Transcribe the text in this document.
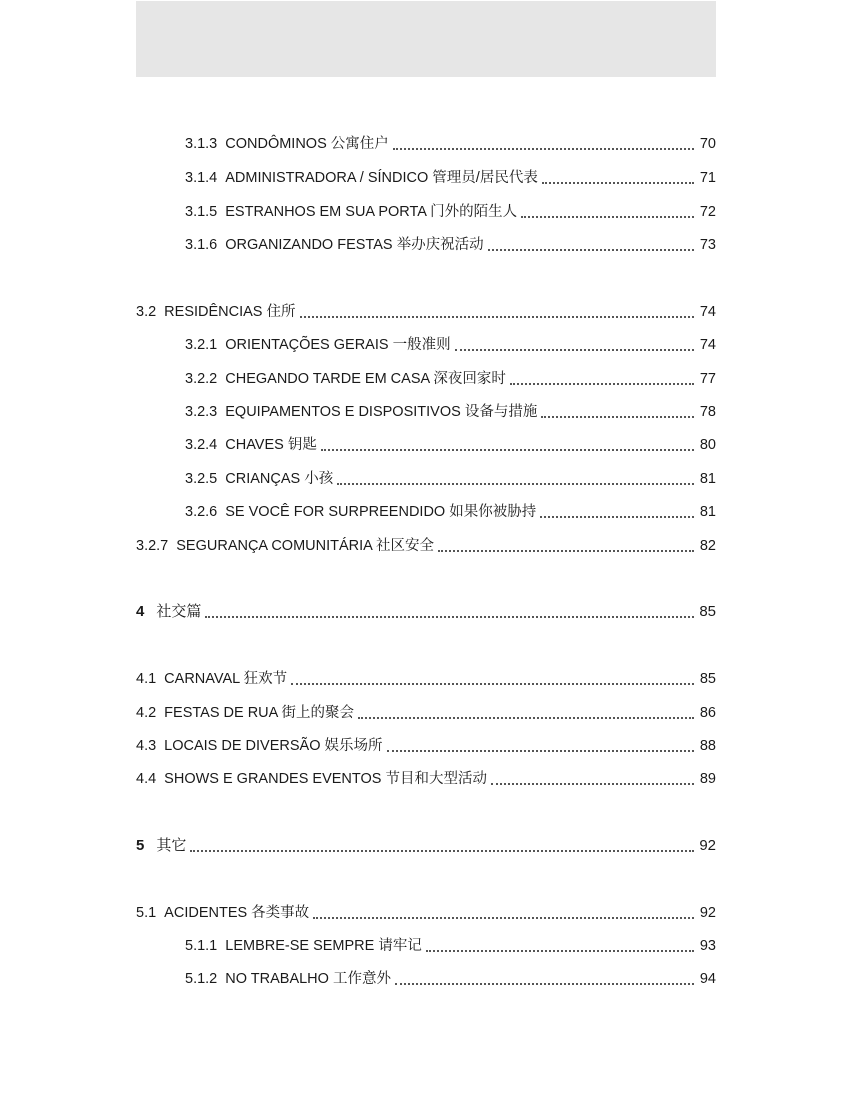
3.1.3 CONDÔMINOS 公寓住户	70
3.1.4 ADMINISTRADORA / SÍNDICO 管理员/居民代表	71
3.1.5 ESTRANHOS EM SUA PORTA 门外的陌生人	72
3.1.6 ORGANIZANDO FESTAS 举办庆祝活动	73
3.2 RESIDÊNCIAS 住所	74
3.2.1 ORIENTAÇÕES GERAIS 一般准则	74
3.2.2 CHEGANDO TARDE EM CASA 深夜回家时	77
3.2.3 EQUIPAMENTOS E DISPOSITIVOS 设备与措施	78
3.2.4 CHAVES 钥匙	80
3.2.5 CRIANÇAS 小孩	81
3.2.6 SE VOCÊ FOR SURPREENDIDO 如果你被胁持	81
3.2.7 SEGURANÇA COMUNITÁRIA 社区安全	82
4 社交篇	85
4.1 CARNAVAL 狂欢节	85
4.2 FESTAS DE RUA 街上的聚会	86
4.3 LOCAIS DE DIVERSÃO 娱乐场所	88
4.4 SHOWS E GRANDES EVENTOS 节目和大型活动	89
5 其它	92
5.1 ACIDENTES 各类事故	92
5.1.1 LEMBRE-SE SEMPRE 请牢记	93
5.1.2 NO TRABALHO 工作意外	94
